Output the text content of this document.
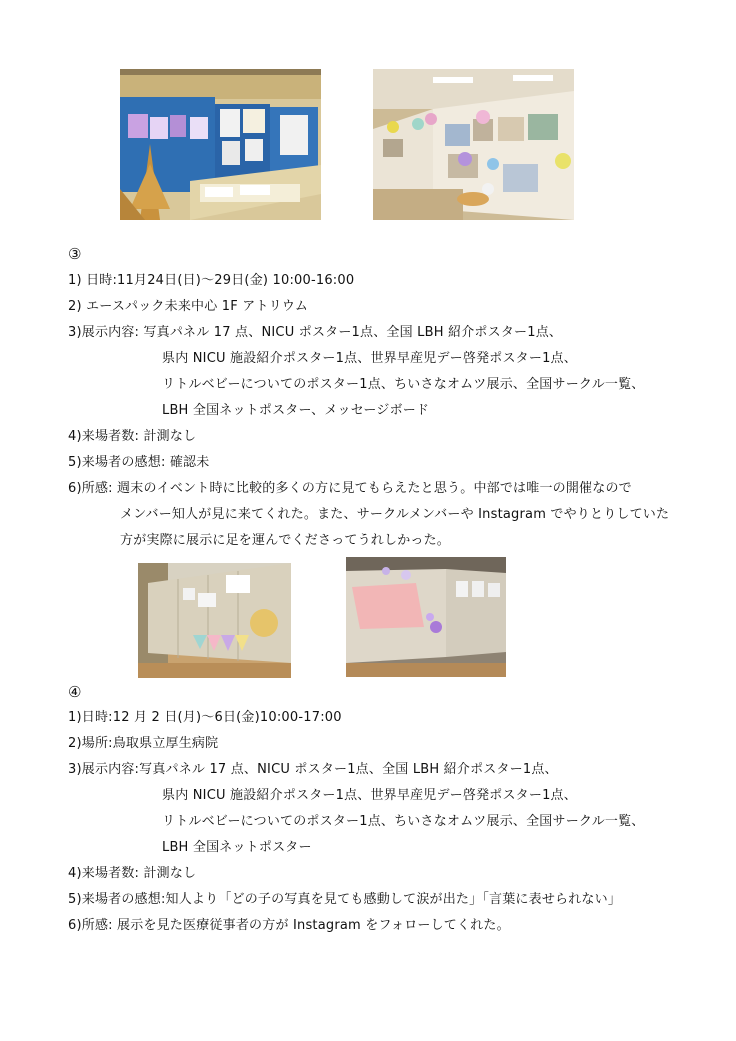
③
1) 日時:11月24日(日)～29日(金) 10:00-16:00
2) エースパック未来中心 1F アトリウム
3)展示内容: 写真パネル 17 点、NICU ポスター1点、全国 LBH 紹介ポスター1点、
県内 NICU 施設紹介ポスター1点、世界早産児デー啓発ポスター1点、
リトルベビーについてのポスター1点、ちいさなオムツ展示、全国サークル一覧、
LBH 全国ネットポスター、メッセージボード
4)来場者数: 計測なし
5)来場者の感想: 確認未
6)所感: 週末のイベント時に比較的多くの方に見てもらえたと思う。中部では唯一の開催なので
メンバー知人が見に来てくれた。また、サークルメンバーや Instagram でやりとりしていた
方が実際に展示に足を運んでくださってうれしかった。
④
1)日時:12 月 2 日(月)～6日(金)10:00-17:00
2)場所:鳥取県立厚生病院
3)展示内容:写真パネル 17 点、NICU ポスター1点、全国 LBH 紹介ポスター1点、
県内 NICU 施設紹介ポスター1点、世界早産児デー啓発ポスター1点、
リトルベビーについてのポスター1点、ちいさなオムツ展示、全国サークル一覧、
LBH 全国ネットポスター
4)来場者数: 計測なし
5)来場者の感想:知人より「どの子の写真を見ても感動して涙が出た」「言葉に表せられない」
6)所感: 展示を見た医療従事者の方が Instagram をフォローしてくれた。
